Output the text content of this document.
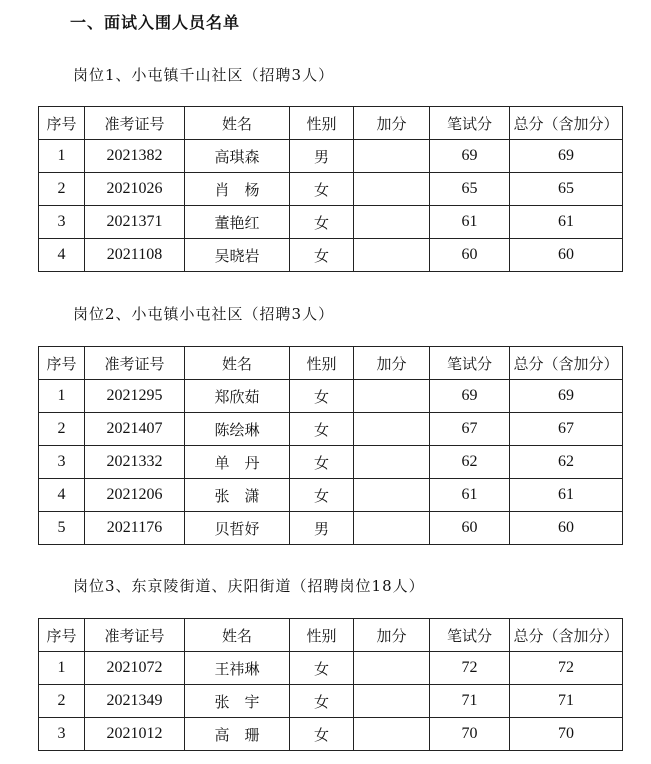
一、面试入围人员名单
岗位1、小屯镇千山社区（招聘3人）
序号	准考证号	姓名	性别	加分	笔试分	总分（含加分）
1	2021382	高琪森	男		69	69
2	2021026	肖　杨	女		65	65
3	2021371	董艳红	女		61	61
4	2021108	吴晓岩	女		60	60
岗位2、小屯镇小屯社区（招聘3人）
序号	准考证号	姓名	性别	加分	笔试分	总分（含加分）
1	2021295	郑欣茹	女		69	69
2	2021407	陈绘琳	女		67	67
3	2021332	单　丹	女		62	62
4	2021206	张　潇	女		61	61
5	2021176	贝哲妤	男		60	60
岗位3、东京陵街道、庆阳街道（招聘岗位18人）
序号	准考证号	姓名	性别	加分	笔试分	总分（含加分）
1	2021072	王祎琳	女		72	72
2	2021349	张　宇	女		71	71
3	2021012	高　珊	女		70	70
